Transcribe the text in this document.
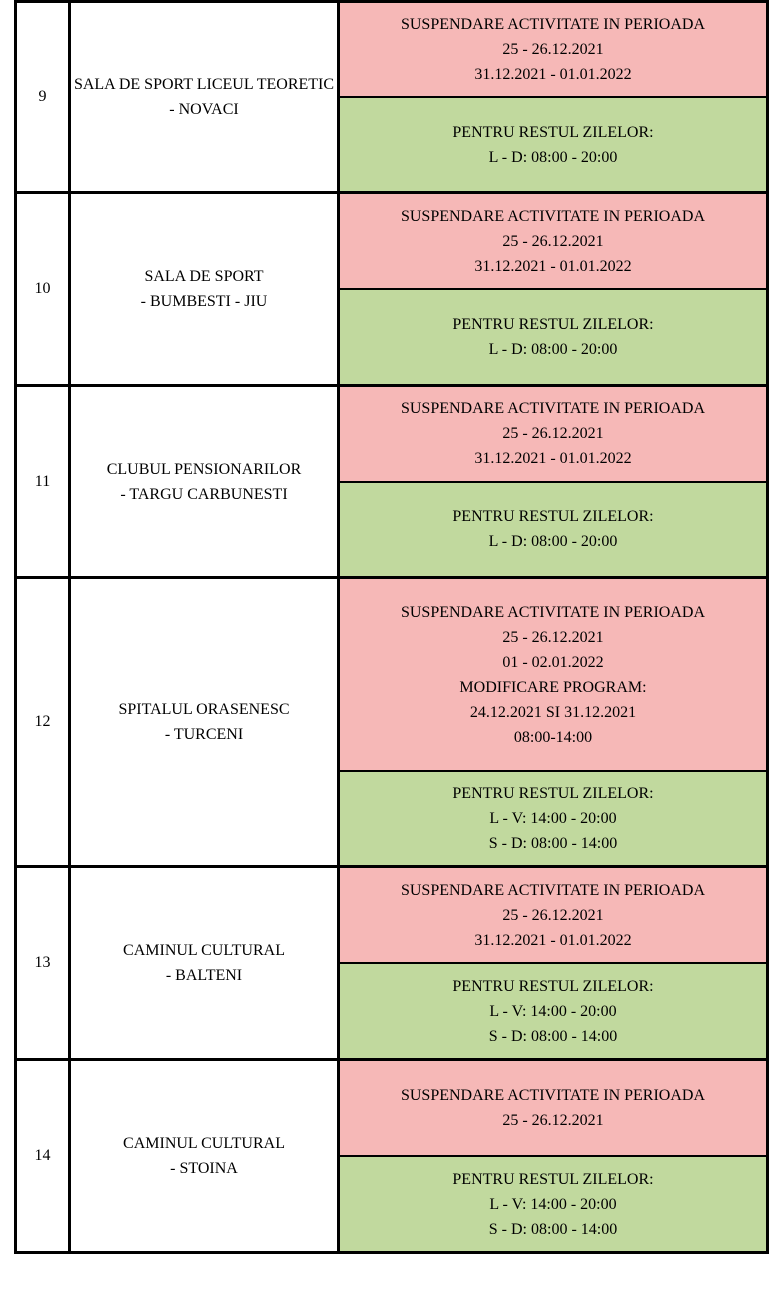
9
SALA DE SPORT LICEUL TEORETIC
- NOVACI
SUSPENDARE ACTIVITATE IN PERIOADA
25 - 26.12.2021
31.12.2021 - 01.01.2022
PENTRU RESTUL ZILELOR:
L - D: 08:00 - 20:00
10
SALA DE SPORT
- BUMBESTI - JIU
SUSPENDARE ACTIVITATE IN PERIOADA
25 - 26.12.2021
31.12.2021 - 01.01.2022
PENTRU RESTUL ZILELOR:
L - D: 08:00 - 20:00
11
CLUBUL PENSIONARILOR
- TARGU CARBUNESTI
SUSPENDARE ACTIVITATE IN PERIOADA
25 - 26.12.2021
31.12.2021 - 01.01.2022
PENTRU RESTUL ZILELOR:
L - D: 08:00 - 20:00
12
SPITALUL ORASENESC
- TURCENI
SUSPENDARE ACTIVITATE IN PERIOADA
25 - 26.12.2021
01 - 02.01.2022
MODIFICARE PROGRAM:
24.12.2021 SI 31.12.2021
08:00-14:00
PENTRU RESTUL ZILELOR:
L - V: 14:00 - 20:00
S - D: 08:00 - 14:00
13
CAMINUL CULTURAL
- BALTENI
SUSPENDARE ACTIVITATE IN PERIOADA
25 - 26.12.2021
31.12.2021 - 01.01.2022
PENTRU RESTUL ZILELOR:
L - V: 14:00 - 20:00
S - D: 08:00 - 14:00
14
CAMINUL CULTURAL
- STOINA
SUSPENDARE ACTIVITATE IN PERIOADA
25 - 26.12.2021
PENTRU RESTUL ZILELOR:
L - V: 14:00 - 20:00
S - D: 08:00 - 14:00
